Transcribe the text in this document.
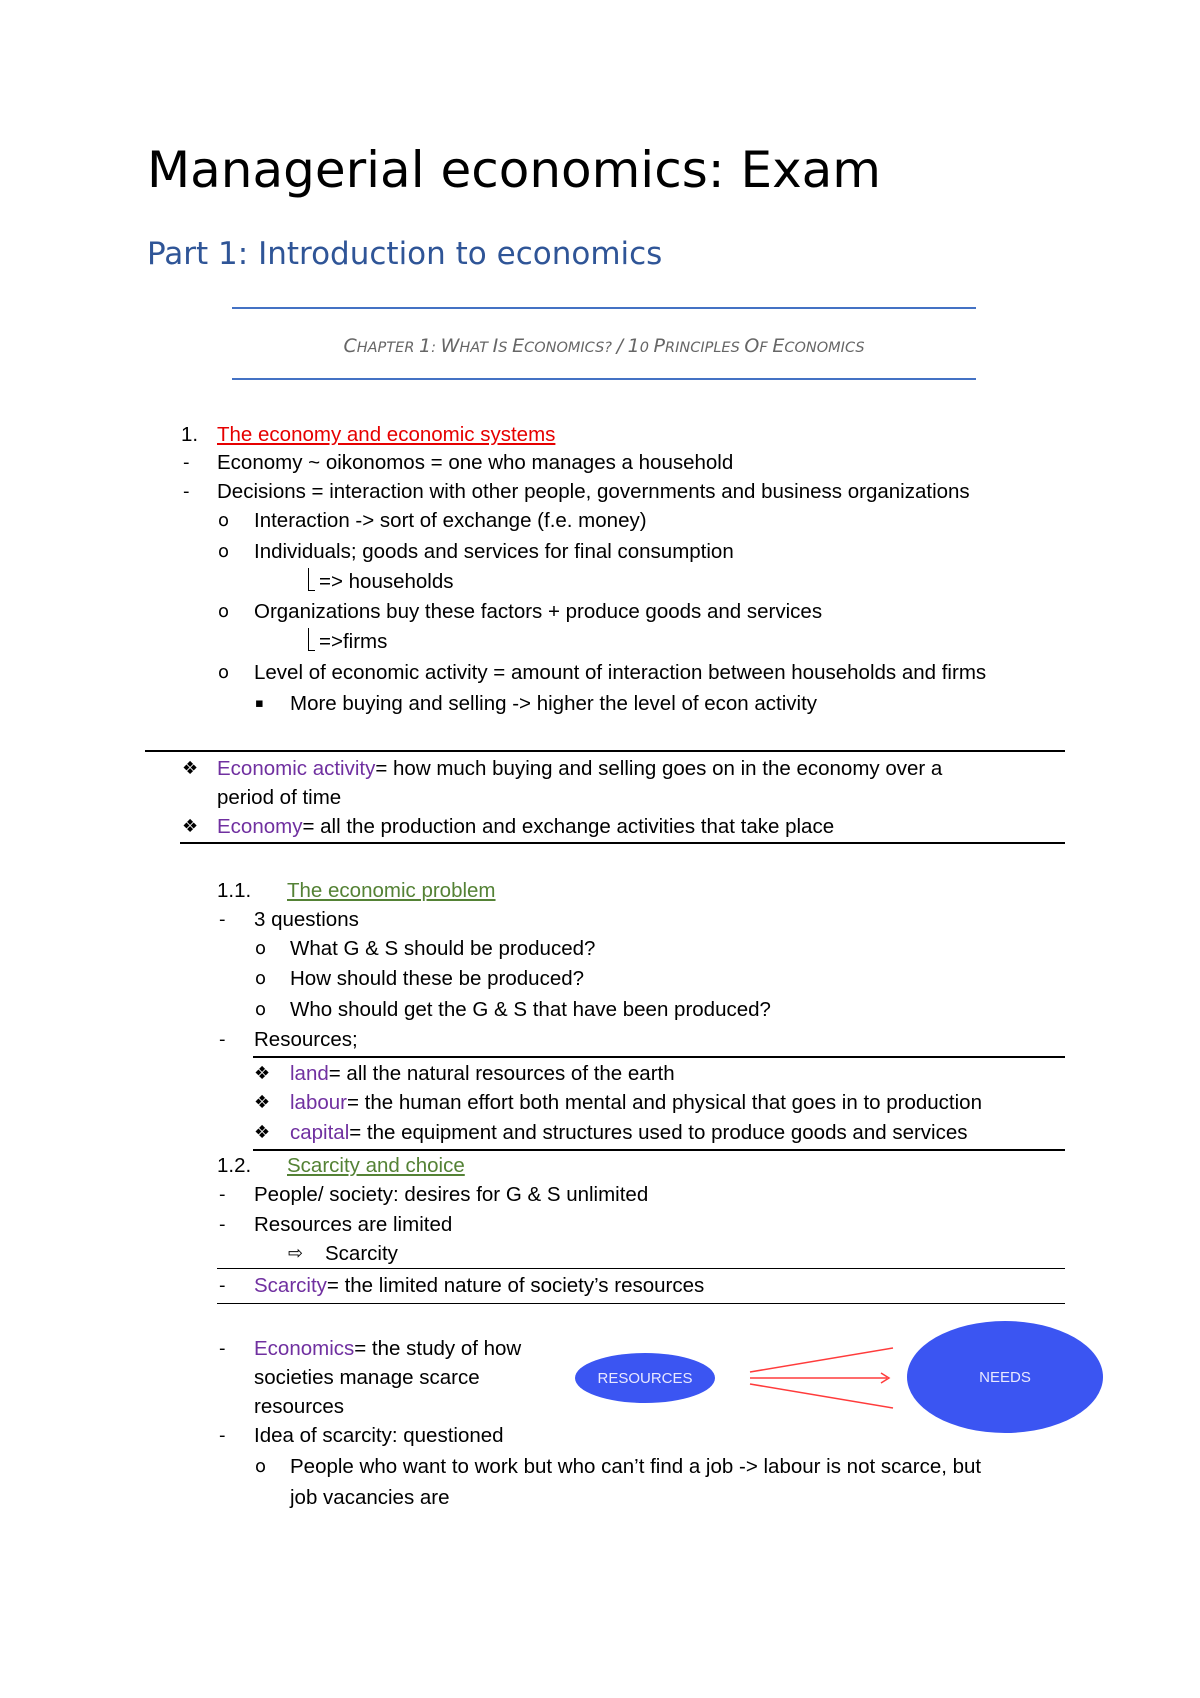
Managerial economics: Exam
Part 1: Introduction to economics
CHAPTER 1: WHAT IS ECONOMICS? / 10 PRINCIPLES OF ECONOMICS
1. The economy and economic systems
- Economy ~ oikonomos = one who manages a household
- Decisions = interaction with other people, governments and business organizations
o Interaction -> sort of exchange (f.e. money)
o Individuals; goods and services for final consumption
=> households
o Organizations buy these factors + produce goods and services
=>firms
o Level of economic activity = amount of interaction between households and firms
▪ More buying and selling -> higher the level of econ activity
❖ Economic activity= how much buying and selling goes on in the economy over a
period of time
❖ Economy= all the production and exchange activities that take place
1.1. The economic problem
- 3 questions
o What G & S should be produced?
o How should these be produced?
o Who should get the G & S that have been produced?
- Resources;
❖ land= all the natural resources of the earth
❖ labour= the human effort both mental and physical that goes in to production
❖ capital= the equipment and structures used to produce goods and services
1.2. Scarcity and choice
- People/ society: desires for G & S unlimited
- Resources are limited
⇨ Scarcity
- Scarcity= the limited nature of society’s resources
- Economics= the study of how
societies manage scarce
resources
- Idea of scarcity: questioned
o People who want to work but who can’t find a job -> labour is not scarce, but
job vacancies are
RESOURCES	NEEDS
